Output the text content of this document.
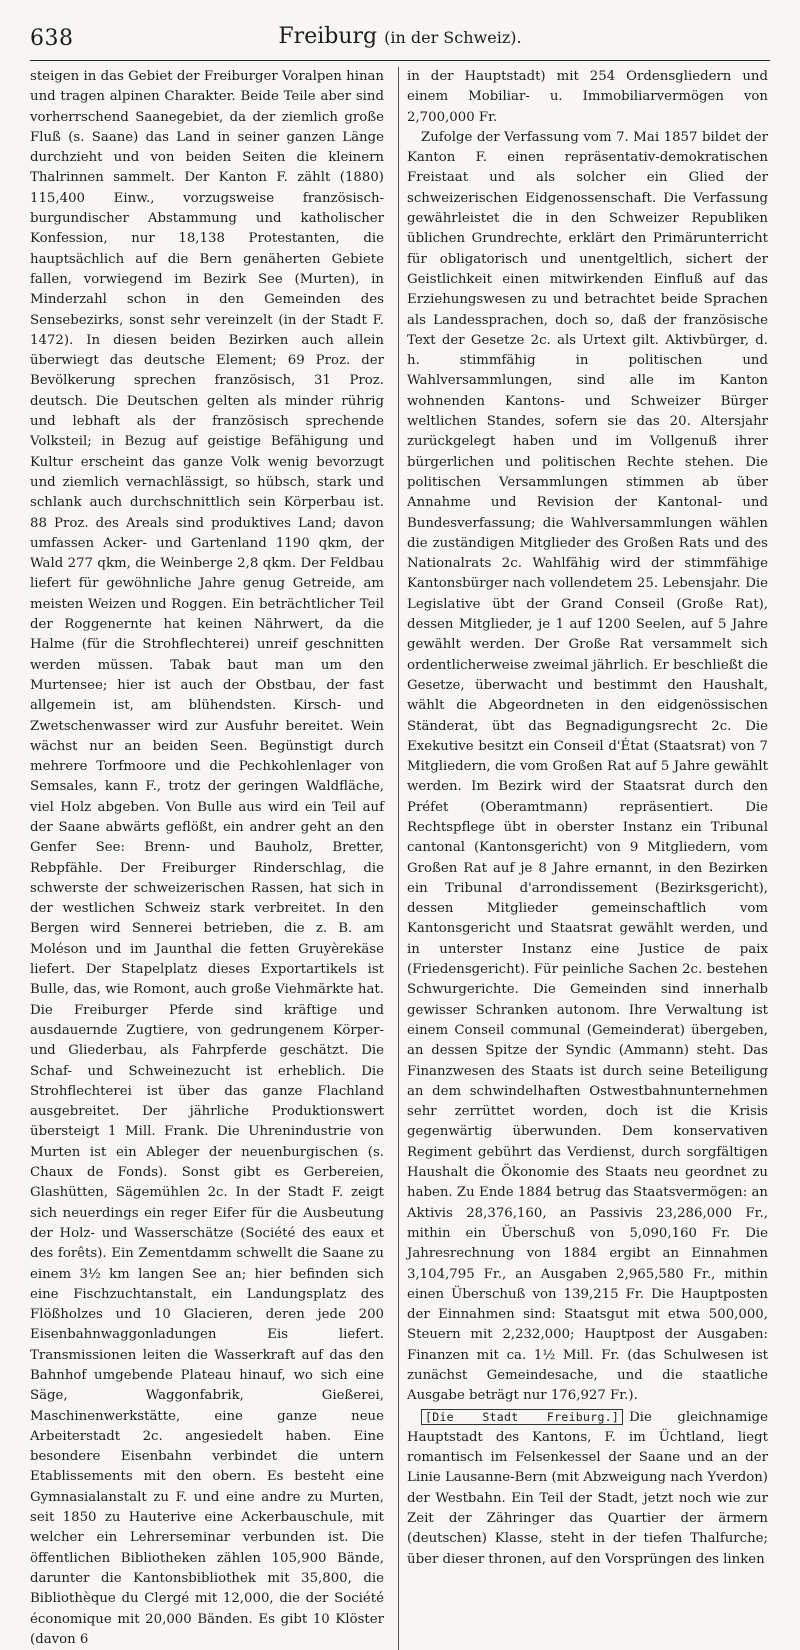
638	Freiburg (in der Schweiz).

steigen in das Gebiet der Freiburger Voralpen hinan und tragen alpinen Charakter. Beide Teile aber sind vorherrschend Saanegebiet, da der ziemlich große Fluß (s. Saane) das Land in seiner ganzen Länge durchzieht und von beiden Seiten die kleinern Thalrinnen sammelt. Der Kanton F. zählt (1880) 115,400 Einw., vorzugsweise französisch-burgundischer Abstammung und katholischer Konfession, nur 18,138 Protestanten, die hauptsächlich auf die Bern genäherten Gebiete fallen, vorwiegend im Bezirk See (Murten), in Minderzahl schon in den Gemeinden des Sensebezirks, sonst sehr vereinzelt (in der Stadt F. 1472). In diesen beiden Bezirken auch allein überwiegt das deutsche Element; 69 Proz. der Bevölkerung sprechen französisch, 31 Proz. deutsch. Die Deutschen gelten als minder rührig und lebhaft als der französisch sprechende Volksteil; in Bezug auf geistige Befähigung und Kultur erscheint das ganze Volk wenig bevorzugt und ziemlich vernachlässigt, so hübsch, stark und schlank auch durchschnittlich sein Körperbau ist. 88 Proz. des Areals sind produktives Land; davon umfassen Acker- und Gartenland 1190 qkm, der Wald 277 qkm, die Weinberge 2,8 qkm. Der Feldbau liefert für gewöhnliche Jahre genug Getreide, am meisten Weizen und Roggen. Ein beträchtlicher Teil der Roggenernte hat keinen Nährwert, da die Halme (für die Strohflechterei) unreif geschnitten werden müssen. Tabak baut man um den Murtensee; hier ist auch der Obstbau, der fast allgemein ist, am blühendsten. Kirsch- und Zwetschenwasser wird zur Ausfuhr bereitet. Wein wächst nur an beiden Seen. Begünstigt durch mehrere Torfmoore und die Pechkohlenlager von Semsales, kann F., trotz der geringen Waldfläche, viel Holz abgeben. Von Bulle aus wird ein Teil auf der Saane abwärts geflößt, ein andrer geht an den Genfer See: Brenn- und Bauholz, Bretter, Rebpfähle. Der Freiburger Rinderschlag, die schwerste der schweizerischen Rassen, hat sich in der westlichen Schweiz stark verbreitet. In den Bergen wird Sennerei betrieben, die z. B. am Moléson und im Jaunthal die fetten Gruyèrekäse liefert. Der Stapelplatz dieses Exportartikels ist Bulle, das, wie Romont, auch große Viehmärkte hat. Die Freiburger Pferde sind kräftige und ausdauernde Zugtiere, von gedrungenem Körper- und Gliederbau, als Fahrpferde geschätzt. Die Schaf- und Schweinezucht ist erheblich. Die Strohflechterei ist über das ganze Flachland ausgebreitet. Der jährliche Produktionswert übersteigt 1 Mill. Frank. Die Uhrenindustrie von Murten ist ein Ableger der neuenburgischen (s. Chaux de Fonds). Sonst gibt es Gerbereien, Glashütten, Sägemühlen 2c. In der Stadt F. zeigt sich neuerdings ein reger Eifer für die Ausbeutung der Holz- und Wasserschätze (Société des eaux et des forêts). Ein Zementdamm schwellt die Saane zu einem 3½ km langen See an; hier befinden sich eine Fischzuchtanstalt, ein Landungsplatz des Flößholzes und 10 Glacieren, deren jede 200 Eisenbahnwaggonladungen Eis liefert. Transmissionen leiten die Wasserkraft auf das den Bahnhof umgebende Plateau hinauf, wo sich eine Säge, Waggonfabrik, Gießerei, Maschinenwerkstätte, eine ganze neue Arbeiterstadt 2c. angesiedelt haben. Eine besondere Eisenbahn verbindet die untern Etablissements mit den obern. Es besteht eine Gymnasialanstalt zu F. und eine andre zu Murten, seit 1850 zu Hauterive eine Ackerbauschule, mit welcher ein Lehrerseminar verbunden ist. Die öffentlichen Bibliotheken zählen 105,900 Bände, darunter die Kantonsbibliothek mit 35,800, die Bibliothèque du Clergé mit 12,000, die der Société économique mit 20,000 Bänden. Es gibt 10 Klöster (davon 6

in der Hauptstadt) mit 254 Ordensgliedern und einem Mobiliar- u. Immobiliarvermögen von 2,700,000 Fr.

Zufolge der Verfassung vom 7. Mai 1857 bildet der Kanton F. einen repräsentativ-demokratischen Freistaat und als solcher ein Glied der schweizerischen Eidgenossenschaft. Die Verfassung gewährleistet die in den Schweizer Republiken üblichen Grundrechte, erklärt den Primärunterricht für obligatorisch und unentgeltlich, sichert der Geistlichkeit einen mitwirkenden Einfluß auf das Erziehungswesen zu und betrachtet beide Sprachen als Landessprachen, doch so, daß der französische Text der Gesetze 2c. als Urtext gilt. Aktivbürger, d. h. stimmfähig in politischen und Wahlversammlungen, sind alle im Kanton wohnenden Kantons- und Schweizer Bürger weltlichen Standes, sofern sie das 20. Altersjahr zurückgelegt haben und im Vollgenuß ihrer bürgerlichen und politischen Rechte stehen. Die politischen Versammlungen stimmen ab über Annahme und Revision der Kantonal- und Bundesverfassung; die Wahlversammlungen wählen die zuständigen Mitglieder des Großen Rats und des Nationalrats 2c. Wahlfähig wird der stimmfähige Kantonsbürger nach vollendetem 25. Lebensjahr. Die Legislative übt der Grand Conseil (Große Rat), dessen Mitglieder, je 1 auf 1200 Seelen, auf 5 Jahre gewählt werden. Der Große Rat versammelt sich ordentlicherweise zweimal jährlich. Er beschließt die Gesetze, überwacht und bestimmt den Haushalt, wählt die Abgeordneten in den eidgenössischen Ständerat, übt das Begnadigungsrecht 2c. Die Exekutive besitzt ein Conseil d'État (Staatsrat) von 7 Mitgliedern, die vom Großen Rat auf 5 Jahre gewählt werden. Im Bezirk wird der Staatsrat durch den Préfet (Oberamtmann) repräsentiert. Die Rechtspflege übt in oberster Instanz ein Tribunal cantonal (Kantonsgericht) von 9 Mitgliedern, vom Großen Rat auf je 8 Jahre ernannt, in den Bezirken ein Tribunal d'arrondissement (Bezirksgericht), dessen Mitglieder gemeinschaftlich vom Kantonsgericht und Staatsrat gewählt werden, und in unterster Instanz eine Justice de paix (Friedensgericht). Für peinliche Sachen 2c. bestehen Schwurgerichte. Die Gemeinden sind innerhalb gewisser Schranken autonom. Ihre Verwaltung ist einem Conseil communal (Gemeinderat) übergeben, an dessen Spitze der Syndic (Ammann) steht. Das Finanzwesen des Staats ist durch seine Beteiligung an dem schwindelhaften Ostwestbahnunternehmen sehr zerrüttet worden, doch ist die Krisis gegenwärtig überwunden. Dem konservativen Regiment gebührt das Verdienst, durch sorgfältigen Haushalt die Ökonomie des Staats neu geordnet zu haben. Zu Ende 1884 betrug das Staatsvermögen: an Aktivis 28,376,160, an Passivis 23,286,000 Fr., mithin ein Überschuß von 5,090,160 Fr. Die Jahresrechnung von 1884 ergibt an Einnahmen 3,104,795 Fr., an Ausgaben 2,965,580 Fr., mithin einen Überschuß von 139,215 Fr. Die Hauptposten der Einnahmen sind: Staatsgut mit etwa 500,000, Steuern mit 2,232,000; Hauptpost der Ausgaben: Finanzen mit ca. 1½ Mill. Fr. (das Schulwesen ist zunächst Gemeindesache, und die staatliche Ausgabe beträgt nur 176,927 Fr.).

[Die Stadt Freiburg.] Die gleichnamige Hauptstadt des Kantons, F. im Üchtland, liegt romantisch im Felsenkessel der Saane und an der Linie Lausanne-Bern (mit Abzweigung nach Yverdon) der Westbahn. Ein Teil der Stadt, jetzt noch wie zur Zeit der Zähringer das Quartier der ärmern (deutschen) Klasse, steht in der tiefen Thalfurche; über dieser thronen, auf den Vorsprüngen des linken
